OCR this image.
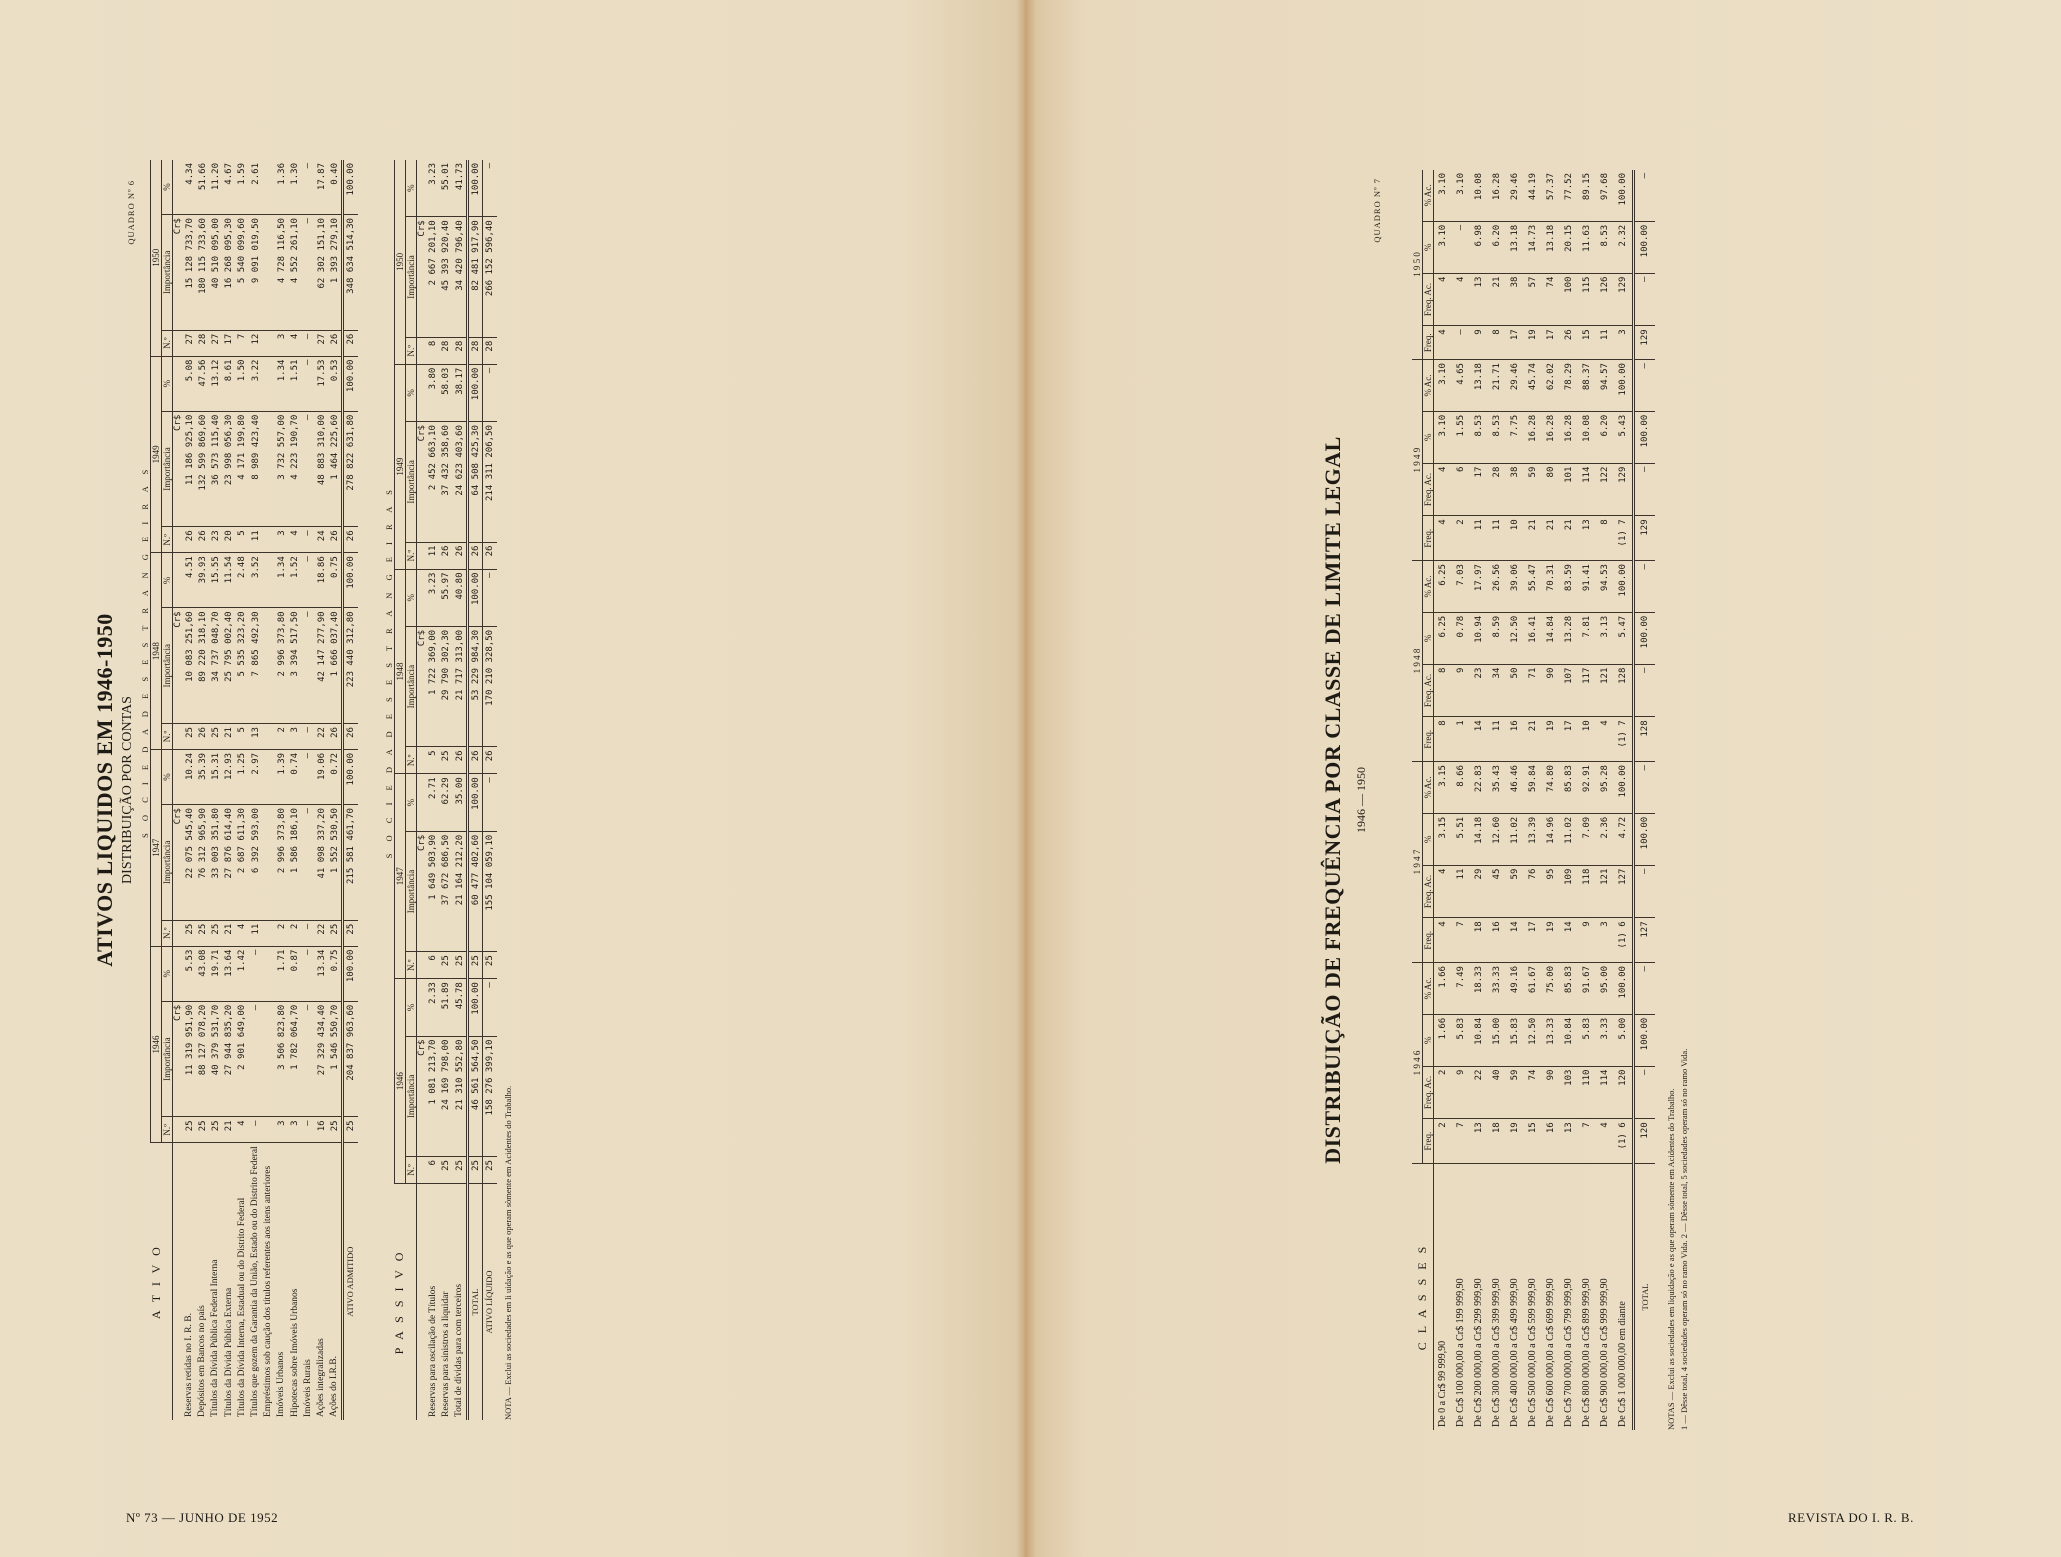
ATIVOS LIQUIDOS EM 1946-1950 DISTRIBUIÇÃO POR CONTAS
QUADRO Nº 6
A T I V O	S O C I E D A D E S E S T R A N G E I R A S														
	1946			1947			1948			1949			1950		
	N.º	Importância	%	N.º	Importância	%	N.º	Importância	%	N.º	Importância	%	N.º	Importância	%
		Cr$			Cr$			Cr$			Cr$			Cr$	
Reservas retidas no I. R. B.	25	11 319 951,90	5.53	25	22 075 545,40	10.24	25	10 083 251,60	4.51	26	11 186 925,10	5.08	27	15 128 733,70	4.34
Depósitos em Bancos no país	25	88 127 078,20	43.08	25	76 312 965,90	35.39	26	89 220 318,10	39.93	26	132 599 869,60	47.56	28	180 115 733,60	51.66
Títulos da Dívida Pública Federal Interna	25	40 379 531,70	19.71	25	33 003 351,80	15.31	25	34 737 048,70	15.55	23	36 573 115,40	13.12	27	40 510 095,00	11.20
Títulos da Dívida Pública Externa	21	27 944 835,20	13.64	21	27 876 614,40	12.93	21	25 795 002,40	11.54	20	23 998 056,30	8.61	17	16 268 095,30	4.67
Títulos da Dívida Interna, Estadual ou do Distrito Federal	4	2 901 649,00	1.42	4	2 687 611,30	1.25	5	5 535 323,20	2.48	5	4 171 199,80	1.50	7	5 540 099,60	1.59
Títulos que gozem da Garantia da União, Estado ou do Distrito Federal	—	—	—	11	6 392 593,00	2.97	13	7 865 492,30	3.52	11	8 989 423,40	3.22	12	9 091 019,50	2.61
Empréstimos sob caução dos títulos referentes aos itens anteriores															
Imóveis Urbanos	3	3 506 823,80	1.71	2	2 996 373,80	1.39	2	2 996 373,80	1.34	3	3 732 557,00	1.34	3	4 728 116,50	1.36
Hipotecas sobre Imóveis Urbanos	3	1 782 064,70	0.87	2	1 586 186,10	0.74	3	3 394 517,50	1.52	4	4 223 190,70	1.51	4	4 552 261,10	1.30
Imóveis Rurais	—	—	—	—	—	—	—	—	—	—	—	—	—	—	—
Ações integralizadas	16	27 329 434,40	13.34	22	41 098 337,20	19.06	22	42 147 277,90	18.86	24	48 883 310,00	17.53	27	62 302 151,10	17.87
Ações do I.R.B.	25	1 546 550,70	0.75	25	1 552 530,50	0.72	26	1 666 037,40	0.75	26	1 464 225,60	0.53	26	1 393 279,10	0.40
ATIVO ADMITIDO	25	204 837 963,60	100.00	25	215 581 461,70	100.00	26	223 440 312,80	100.00	26	278 822 631,80	100.00	26	348 634 514,30	100.00
P A S S I V O	S O C I E D A D E S E S T R A N G E I R A S														
	1946			1947			1948			1949			1950		
	N.º	Importância	%	N.º	Importância	%	N.º	Importância	%	N.º	Importância	%	N.º	Importância	%
		Cr$			Cr$			Cr$			Cr$			Cr$	
Reservas para oscilação de Títulos	6	1 081 213,70	2.33	6	1 649 503,90	2.71	5	1 722 369,00	3.23	11	2 452 663,10	3.80	8	2 667 201,10	3.23
Reservas para sinistros a liquidar	25	24 169 798,00	51.89	25	37 672 686,50	62.29	25	29 790 302,30	55.97	26	37 432 358,60	58.03	28	45 393 920,40	55.01
Total de dívidas para com terceiros	25	21 310 552,80	45.78	25	21 164 212,20	35.00	26	21 717 313,00	40.80	26	24 623 403,60	38.17	28	34 420 796,40	41.73
TOTAL	25	46 561 564,50	100.00	25	60 477 402,60	100.00	26	53 229 984,30	100.00	26	64 508 425,30	100.00	28	82 481 917,90	100.00
ATIVO LÍQUIDO	25	158 276 399,10	—	25	155 104 059,10	—	26	170 210 328,50	—	26	214 311 206,50	—	28	266 152 596,40	—
NOTA — Exclui as sociedades em li uidação e as que operam sòmente em Acidentes do Trabalho.
DISTRIBUIÇÃO DE FREQUÊNCIA POR CLASSE DE LIMITE LEGAL 1946 — 1950
QUADRO Nº 7
C L A S S E S	1 9 4 6				1 9 4 7				1 9 4 8				1 9 4 9				1 9 5 0			
	Freq.	Freq. Ac.	%	% Ac.	Freq.	Freq. Ac.	%	% Ac.	Freq.	Freq. Ac.	%	% Ac.	Freq.	Freq. Ac.	%	% Ac.	Freq.	Freq. Ac.	%	% Ac.
De 0 a Cr$ 99 999,90	2	2	1.66	1.66	4	4	3.15	3.15	8	8	6.25	6.25	4	4	3.10	3.10	4	4	3.10	3.10
De Cr$ 100 000,00 a Cr$ 199 999,90	7	9	5.83	7.49	7	11	5.51	8.66	1	9	0.78	7.03	2	6	1.55	4.65	—	4	—	3.10
De Cr$ 200 000,00 a Cr$ 299 999,90	13	22	10.84	18.33	18	29	14.18	22.83	14	23	10.94	17.97	11	17	8.53	13.18	9	13	6.98	10.08
De Cr$ 300 000,00 a Cr$ 399 999,90	18	40	15.00	33.33	16	45	12.60	35.43	11	34	8.59	26.56	11	28	8.53	21.71	8	21	6.20	16.28
De Cr$ 400 000,00 a Cr$ 499 999,90	19	59	15.83	49.16	14	59	11.02	46.46	16	50	12.50	39.06	10	38	7.75	29.46	17	38	13.18	29.46
De Cr$ 500 000,00 a Cr$ 599 999,90	15	74	12.50	61.67	17	76	13.39	59.84	21	71	16.41	55.47	21	59	16.28	45.74	19	57	14.73	44.19
De Cr$ 600 000,00 a Cr$ 699 999,90	16	90	13.33	75.00	19	95	14.96	74.80	19	90	14.84	70.31	21	80	16.28	62.02	17	74	13.18	57.37
De Cr$ 700 000,00 a Cr$ 799 999,90	13	103	10.84	85.83	14	109	11.02	85.83	17	107	13.28	83.59	21	101	16.28	78.29	26	100	20.15	77.52
De Cr$ 800 000,00 a Cr$ 899 999,90	7	110	5.83	91.67	9	118	7.09	92.91	10	117	7.81	91.41	13	114	10.08	88.37	15	115	11.63	89.15
De Cr$ 900 000,00 a Cr$ 999 999,90	4	114	3.33	95.00	3	121	2.36	95.28	4	121	3.13	94.53	8	122	6.20	94.57	11	126	8.53	97.68
De Cr$ 1 000 000,00 em diante	(1) 6	120	5.00	100.00	(1) 6	127	4.72	100.00	(1) 7	128	5.47	100.00	(1) 7	129	5.43	100.00	3	129	2.32	100.00
TOTAL	120	—	100.00	—	127	—	100.00	—	128	—	100.00	—	129	—	100.00	—	129	—	100.00	—
NOTAS — Exclui as sociedades em liquidação e as que operam sòmente em Acidentes do Trabalho. 1 — Dêsse total, 4 sociedades operam só no ramo Vida. 2 — Dêsse total, 5 sociedades operam só no ramo Vida.
Nº 73 — JUNHO DE 1952	REVISTA DO I. R. B.
